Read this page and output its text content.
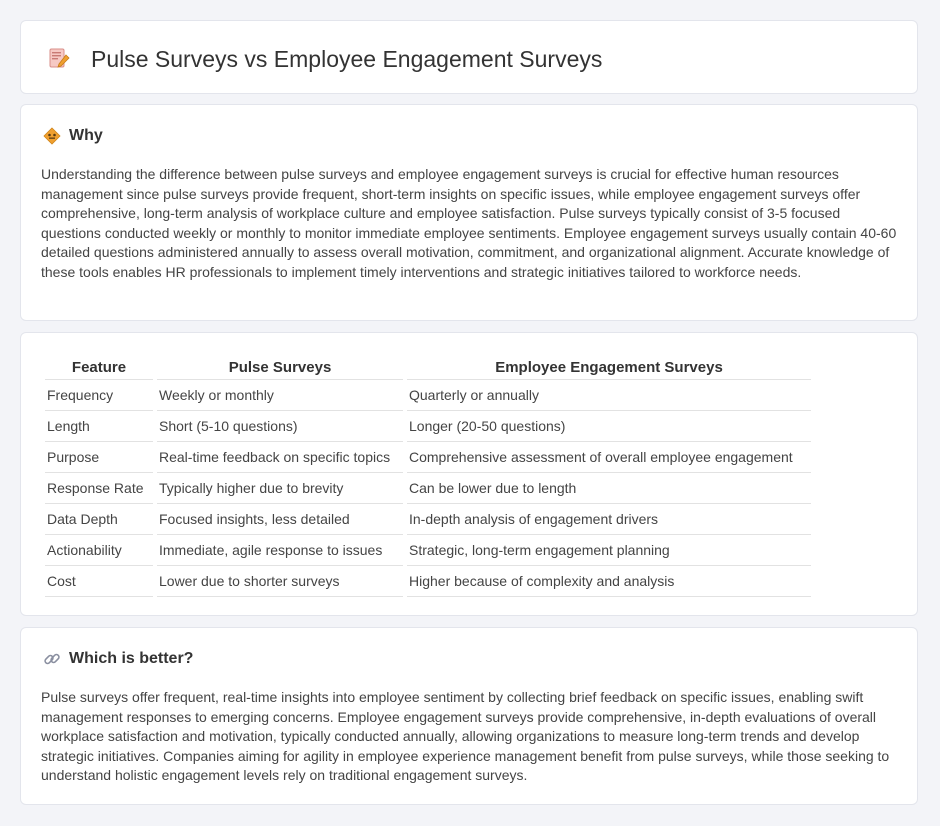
Pulse Surveys vs Employee Engagement Surveys
Why

Understanding the difference between pulse surveys and employee engagement surveys is crucial for effective human resources management since pulse surveys provide frequent, short-term insights on specific issues, while employee engagement surveys offer comprehensive, long-term analysis of workplace culture and employee satisfaction. Pulse surveys typically consist of 3-5 focused questions conducted weekly or monthly to monitor immediate employee sentiments. Employee engagement surveys usually contain 40-60 detailed questions administered annually to assess overall motivation, commitment, and organizational alignment. Accurate knowledge of these tools enables HR professionals to implement timely interventions and strategic initiatives tailored to workforce needs.

Feature	Pulse Surveys	Employee Engagement Surveys
Frequency	Weekly or monthly	Quarterly or annually
Length	Short (5-10 questions)	Longer (20-50 questions)
Purpose	Real-time feedback on specific topics	Comprehensive assessment of overall employee engagement
Response Rate	Typically higher due to brevity	Can be lower due to length
Data Depth	Focused insights, less detailed	In-depth analysis of engagement drivers
Actionability	Immediate, agile response to issues	Strategic, long-term engagement planning
Cost	Lower due to shorter surveys	Higher because of complexity and analysis
Which is better?

Pulse surveys offer frequent, real-time insights into employee sentiment by collecting brief feedback on specific issues, enabling swift management responses to emerging concerns. Employee engagement surveys provide comprehensive, in-depth evaluations of overall workplace satisfaction and motivation, typically conducted annually, allowing organizations to measure long-term trends and develop strategic initiatives. Companies aiming for agility in employee experience management benefit from pulse surveys, while those seeking to understand holistic engagement levels rely on traditional engagement surveys.
